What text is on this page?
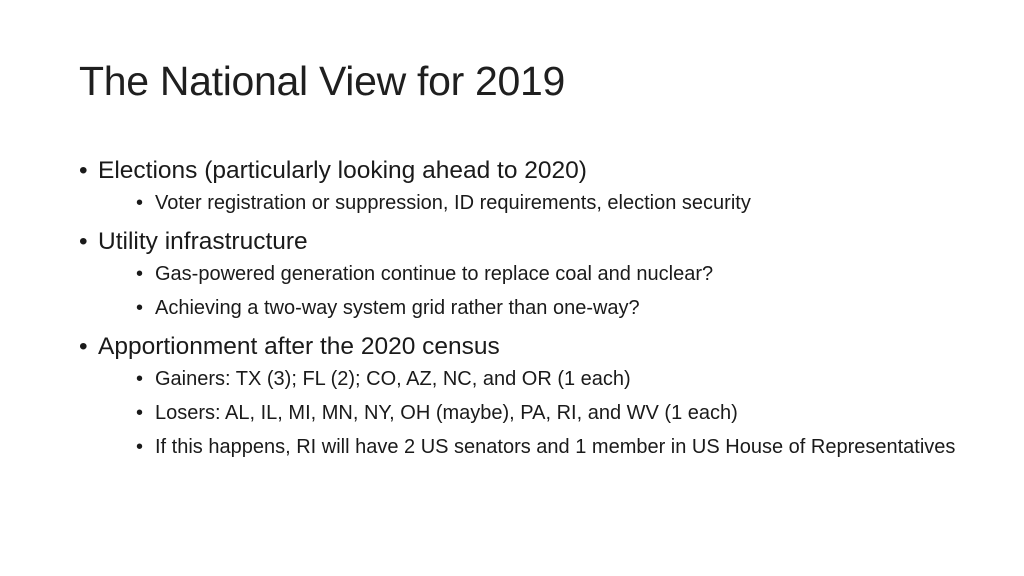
The National View for 2019
• Elections (particularly looking ahead to 2020)
• Voter registration or suppression, ID requirements, election security
• Utility infrastructure
• Gas-powered generation continue to replace coal and nuclear?
• Achieving a two-way system grid rather than one-way?
• Apportionment after the 2020 census
• Gainers: TX (3); FL (2); CO, AZ, NC, and OR (1 each)
• Losers: AL, IL, MI, MN, NY, OH (maybe), PA, RI, and WV (1 each)
• If this happens, RI will have 2 US senators and 1 member in US House of Representatives
